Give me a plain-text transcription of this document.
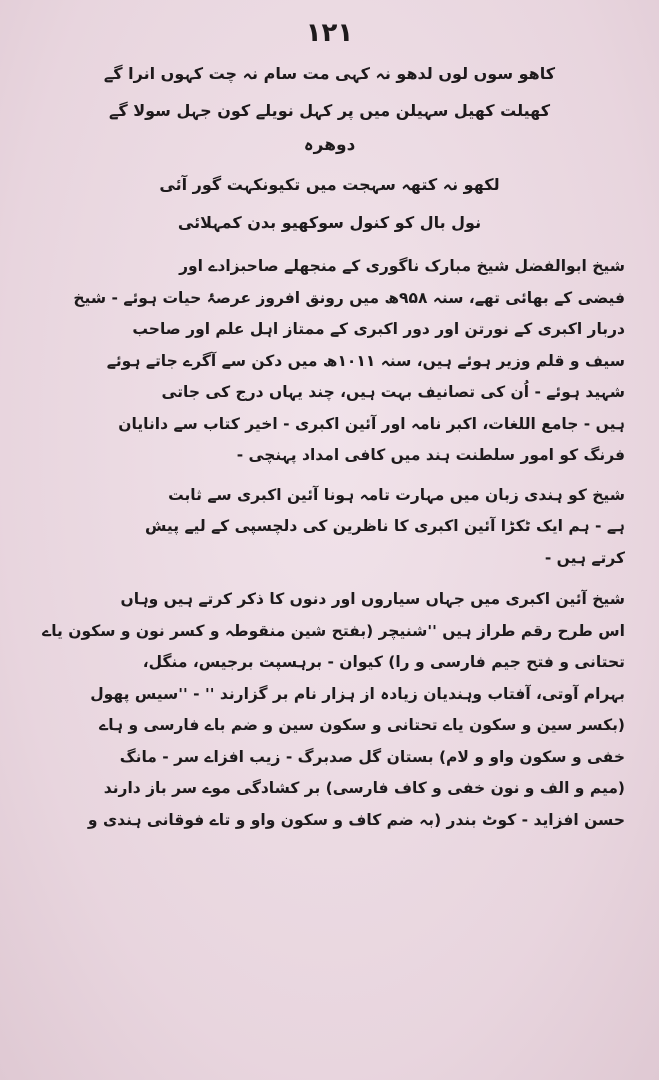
۱۲۱
کاهو سوں لوں لدھو نہ کہی مت سام نہ چت کہوں انرا گے
کھیلت کھیل سہیلن میں پر کہل نویلے کون جہل سولا گے
دوھرہ
لکھو نہ کتھہ سہجت میں تکیونکہت گور آئی
نول بال کو کنول سوکھیو بدن کمہلائی
شیخ ابوالفضل شیخ مبارک ناگوری کے منجھلے صاحبزادے اور
فیضی کے بھائی تھے، سنہ ۹۵۸ھ میں رونق افروز عرصۂ حیات ہوئے - شیخ
دربار اکبری کے نورتن اور دور اکبری کے ممتاز اہل علم اور صاحب
سیف و قلم وزیر ہوئے ہیں، سنہ ۱۰۱۱ھ میں دکن سے آگرے جاتے ہوئے
شہید ہوئے - اُن کی تصانیف بہت ہیں، چند یہاں درج کی جاتی
ہیں - جامع اللغات، اکبر نامہ اور آئین اکبری - اخیر کتاب سے دانایان
فرنگ کو امور سلطنت ہند میں کافی امداد پہنچی -
شیخ کو ہندی زبان میں مہارت تامہ ہونا آئین اکبری سے ثابت
ہے - ہم ایک ٹکڑا آئین اکبری کا ناظرین کی دلچسپی کے لیے پیش
کرتے ہیں -
شیخ آئین اکبری میں جہاں سیاروں اور دنوں کا ذکر کرتے ہیں وہاں
اس طرح رقم طراز ہیں ''شنیچر (بفتح شین منقوطہ و کسر نون و سکون یاے
تحتانی و فتح جیم فارسی و را) کیوان - برہسپت برجیس، منگل،
بہرام آوتی، آفتاب وہندیان زیادہ از ہزار نام بر گزارند '' - ''سیس پھول
(بکسر سین و سکون یاے تحتانی و سکون سین و ضم باے فارسی و ہاے
خفی و سکون واو و لام) بستان گل صدبرگ - زیب افزاے سر - مانگ
(میم و الف و نون خفی و کاف فارسی) بر کشادگی موے سر باز دارند
حسن افزاید - کوٹ بندر (بہ ضم کاف و سکون واو و تاے فوقانی ہندی و
